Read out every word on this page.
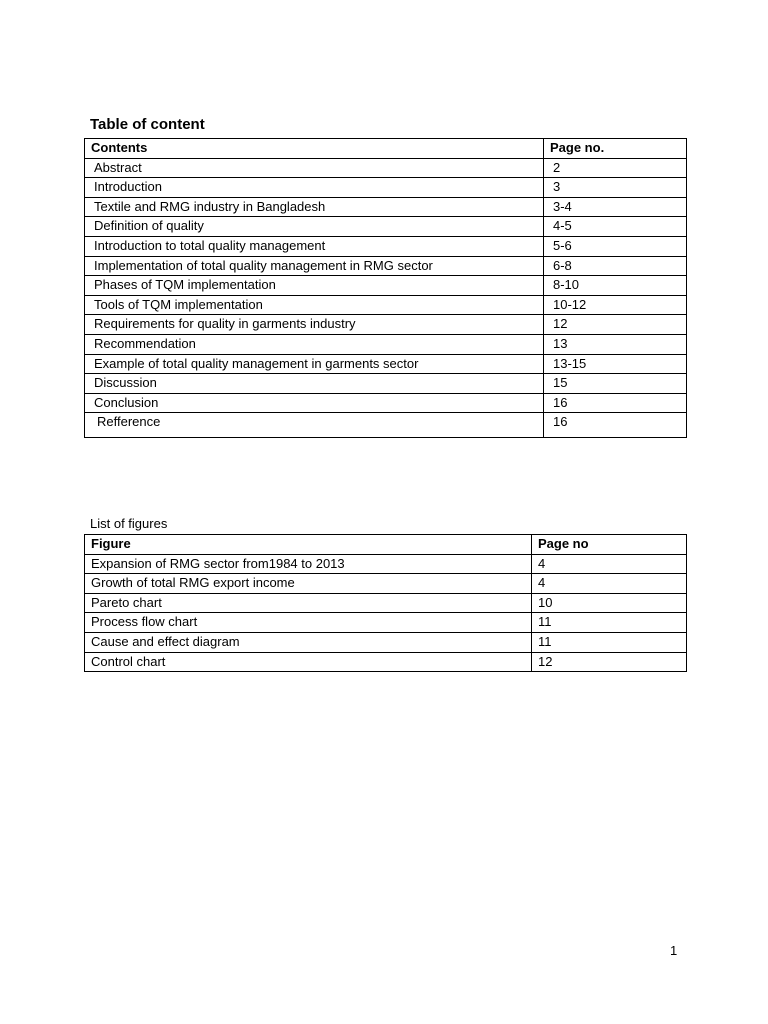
Table of content
Contents	Page no.
Abstract	2
Introduction	3
Textile and RMG industry in Bangladesh	3-4
Definition of quality	4-5
Introduction to total quality management	5-6
Implementation of total quality management in RMG sector	6-8
Phases of TQM implementation	8-10
Tools of TQM implementation	10-12
Requirements for quality in garments industry	12
Recommendation	13
Example of total quality management in garments sector	13-15
Discussion	15
Conclusion	16
Refference	16
List of figures
Figure	Page no
Expansion of RMG sector from1984 to 2013	4
Growth of total RMG export income	4
Pareto chart	10
Process flow chart	11
Cause and effect diagram	11
Control chart	12
1
